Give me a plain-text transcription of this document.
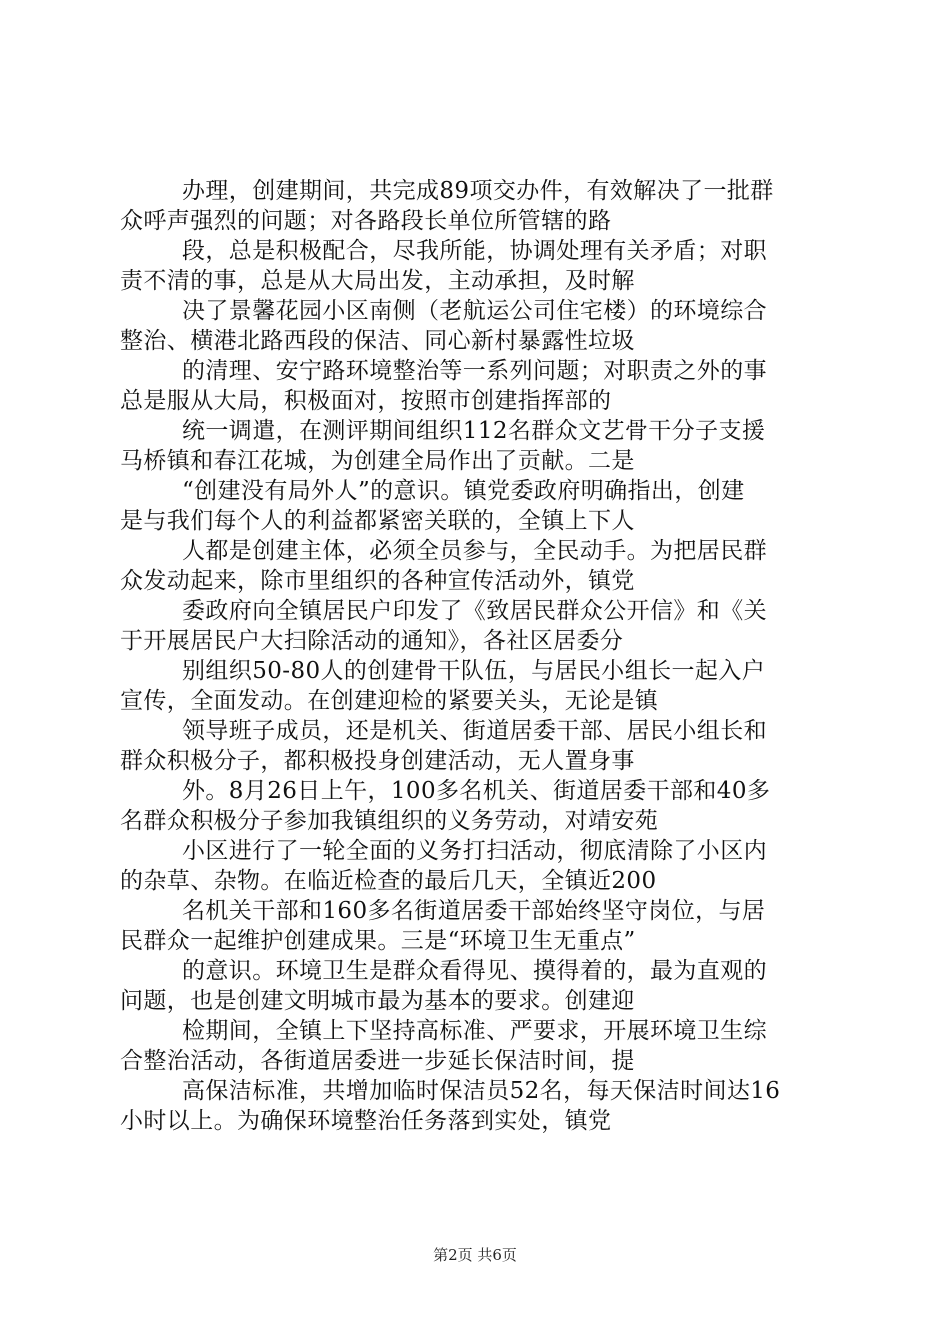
办理，创建期间，共完成89项交办件，有效解决了一批群
众呼声强烈的问题；对各路段长单位所管辖的路

段，总是积极配合，尽我所能，协调处理有关矛盾；对职
责不清的事，总是从大局出发，主动承担，及时解

决了景馨花园小区南侧（老航运公司住宅楼）的环境综合
整治、横港北路西段的保洁、同心新村暴露性垃圾

的清理、安宁路环境整治等一系列问题；对职责之外的事
总是服从大局，积极面对，按照市创建指挥部的

统一调遣，在测评期间组织112名群众文艺骨干分子支援
马桥镇和春江花城，为创建全局作出了贡献。二是

“创建没有局外人”的意识。镇党委政府明确指出，创建
是与我们每个人的利益都紧密关联的，全镇上下人

人都是创建主体，必须全员参与，全民动手。为把居民群
众发动起来，除市里组织的各种宣传活动外，镇党

委政府向全镇居民户印发了《致居民群众公开信》和《关
于开展居民户大扫除活动的通知》，各社区居委分

别组织50-80人的创建骨干队伍，与居民小组长一起入户
宣传，全面发动。在创建迎检的紧要关头，无论是镇

领导班子成员，还是机关、街道居委干部、居民小组长和
群众积极分子，都积极投身创建活动，无人置身事

外。8月26日上午，100多名机关、街道居委干部和40多
名群众积极分子参加我镇组织的义务劳动，对靖安苑

小区进行了一轮全面的义务打扫活动，彻底清除了小区内
的杂草、杂物。在临近检查的最后几天，全镇近200

名机关干部和160多名街道居委干部始终坚守岗位，与居
民群众一起维护创建成果。三是“环境卫生无重点”

的意识。环境卫生是群众看得见、摸得着的，最为直观的
问题，也是创建文明城市最为基本的要求。创建迎

检期间，全镇上下坚持高标准、严要求，开展环境卫生综
合整治活动，各街道居委进一步延长保洁时间，提

高保洁标准，共增加临时保洁员52名，每天保洁时间达16
小时以上。为确保环境整治任务落到实处，镇党

第2页 共6页
